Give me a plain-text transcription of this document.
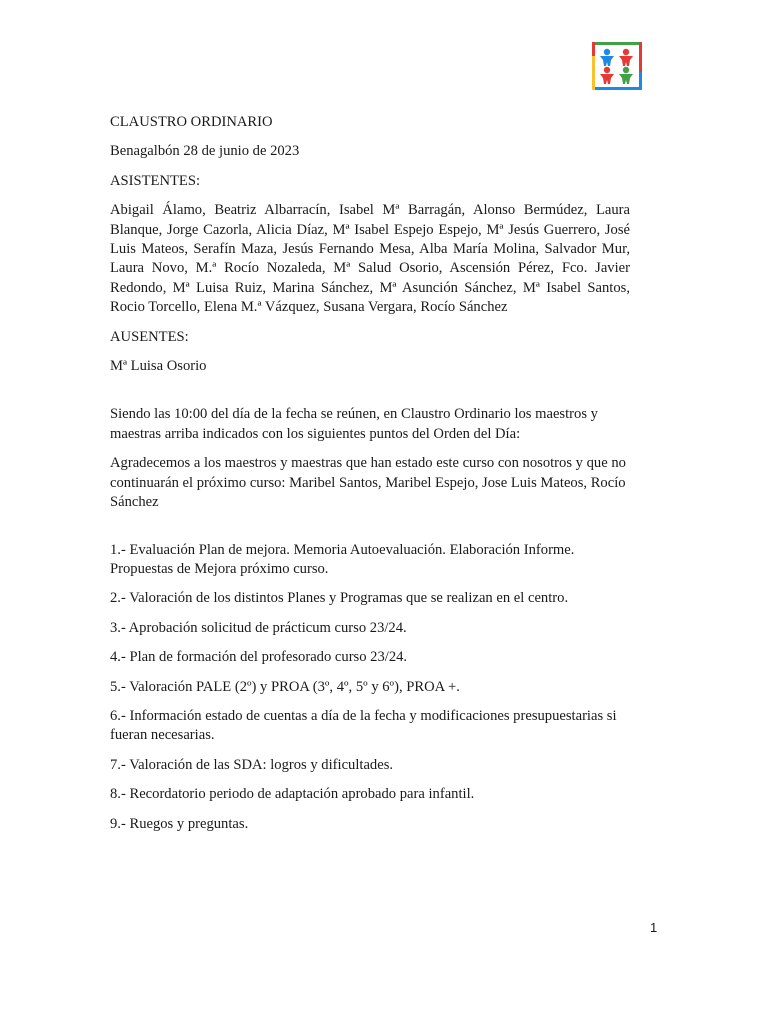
CLAUSTRO ORDINARIO

Benagalbón 28 de junio de 2023

ASISTENTES:

Abigail Álamo, Beatriz Albarracín, Isabel Mª Barragán, Alonso Bermúdez, Laura Blanque, Jorge Cazorla, Alicia Díaz, Mª Isabel Espejo Espejo, Mª Jesús Guerrero, José Luis Mateos, Serafín Maza, Jesús Fernando Mesa, Alba María Molina, Salvador Mur, Laura Novo, M.ª Rocío Nozaleda, Mª Salud Osorio, Ascensión Pérez, Fco. Javier Redondo, Mª Luisa Ruiz, Marina Sánchez, Mª Asunción Sánchez, Mª Isabel Santos, Rocio Torcello, Elena M.ª Vázquez, Susana Vergara, Rocío Sánchez

AUSENTES:

Mª Luisa Osorio

Siendo las 10:00 del día de la fecha se reúnen, en Claustro Ordinario los maestros y maestras arriba indicados con los siguientes puntos del Orden del Día:

Agradecemos a los maestros y maestras que han estado este curso con nosotros y que no continuarán el próximo curso: Maribel Santos, Maribel Espejo, Jose Luis Mateos, Rocío Sánchez

1.- Evaluación Plan de mejora. Memoria Autoevaluación. Elaboración Informe. Propuestas de Mejora próximo curso.

2.- Valoración de los distintos Planes y Programas que se realizan en el centro.

3.- Aprobación solicitud de prácticum curso 23/24.

4.- Plan de formación del profesorado curso 23/24.

5.- Valoración PALE (2º) y PROA (3º, 4º, 5º y 6º), PROA +.

6.- Información estado de cuentas a día de la fecha y modificaciones presupuestarias si fueran necesarias.

7.- Valoración de las SDA: logros y dificultades.

8.- Recordatorio periodo de adaptación aprobado para infantil.

9.- Ruegos y preguntas.

1
